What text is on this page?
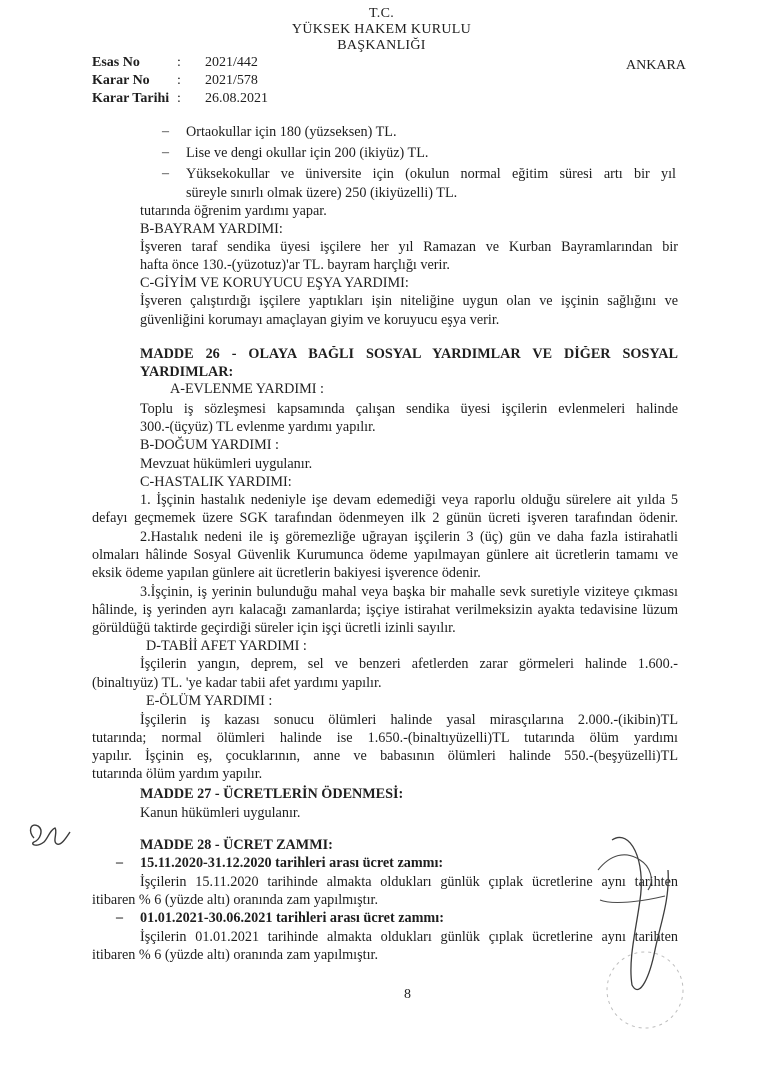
T.C.
YÜKSEK HAKEM KURULU
BAŞKANLIĞI
Esas No	: 2021/442
Karar No : 2021/578
Karar Tarihi : 26.08.2021
ANKARA
– Ortaokullar için 180 (yüzseksen) TL.
– Lise ve dengi okullar için 200 (ikiyüz) TL.
– Yüksekokullar ve üniversite için (okulun normal eğitim süresi artı bir yıl
süreyle sınırlı olmak üzere) 250 (ikiyüzelli) TL.
tutarında öğrenim yardımı yapar.
B-BAYRAM YARDIMI:
İşveren taraf sendika üyesi işçilere her yıl Ramazan ve Kurban Bayramlarından bir
hafta önce 130.-(yüzotuz)'ar TL. bayram harçlığı verir.
C-GİYİM VE KORUYUCU EŞYA YARDIMI:
İşveren çalıştırdığı işçilere yaptıkları işin niteliğine uygun olan ve işçinin sağlığını ve
güvenliğini korumayı amaçlayan giyim ve koruyucu eşya verir.
MADDE 26 - OLAYA BAĞLI SOSYAL YARDIMLAR VE DİĞER SOSYAL
YARDIMLAR:
A-EVLENME YARDIMI :
Toplu iş sözleşmesi kapsamında çalışan sendika üyesi işçilerin evlenmeleri halinde
300.-(üçyüz) TL evlenme yardımı yapılır.
B-DOĞUM YARDIMI :
Mevzuat hükümleri uygulanır.
C-HASTALIK YARDIMI:
1. İşçinin hastalık nedeniyle işe devam edemediği veya raporlu olduğu sürelere ait yılda 5
defayı geçmemek üzere SGK tarafından ödenmeyen ilk 2 günün ücreti işveren tarafından ödenir.
2.Hastalık nedeni ile iş göremezliğe uğrayan işçilerin 3 (üç) gün ve daha fazla istirahatli
olmaları hâlinde Sosyal Güvenlik Kurumunca ödeme yapılmayan günlere ait ücretlerin tamamı ve
eksik ödeme yapılan günlere ait ücretlerin bakiyesi işverence ödenir.
3.İşçinin, iş yerinin bulunduğu mahal veya başka bir mahalle sevk suretiyle viziteye çıkması
hâlinde, iş yerinden ayrı kalacağı zamanlarda; işçiye istirahat verilmeksizin ayakta tedavisine lüzum
görüldüğü taktirde geçirdiği süreler için işçi ücretli izinli sayılır.
D-TABİİ AFET YARDIMI :
İşçilerin yangın, deprem, sel ve benzeri afetlerden zarar görmeleri halinde 1.600.-
(binaltıyüz) TL. 'ye kadar tabii afet yardımı yapılır.
E-ÖLÜM YARDIMI :
İşçilerin iş kazası sonucu ölümleri halinde yasal mirasçılarına 2.000.-(ikibin)TL
tutarında; normal ölümleri halinde ise 1.650.-(binaltıyüzelli)TL tutarında ölüm yardımı
yapılır. İşçinin eş, çocuklarının, anne ve babasının ölümleri halinde 550.-(beşyüzelli)TL
tutarında ölüm yardım yapılır.
MADDE 27 - ÜCRETLERİN ÖDENMESİ:
Kanun hükümleri uygulanır.
MADDE 28 - ÜCRET ZAMMI:
– 15.11.2020-31.12.2020 tarihleri arası ücret zammı:
İşçilerin 15.11.2020 tarihinde almakta oldukları günlük çıplak ücretlerine aynı tarihten
itibaren % 6 (yüzde altı) oranında zam yapılmıştır.
– 01.01.2021-30.06.2021 tarihleri arası ücret zammı:
İşçilerin 01.01.2021 tarihinde almakta oldukları günlük çıplak ücretlerine aynı tarihten
itibaren % 6 (yüzde altı) oranında zam yapılmıştır.
8
